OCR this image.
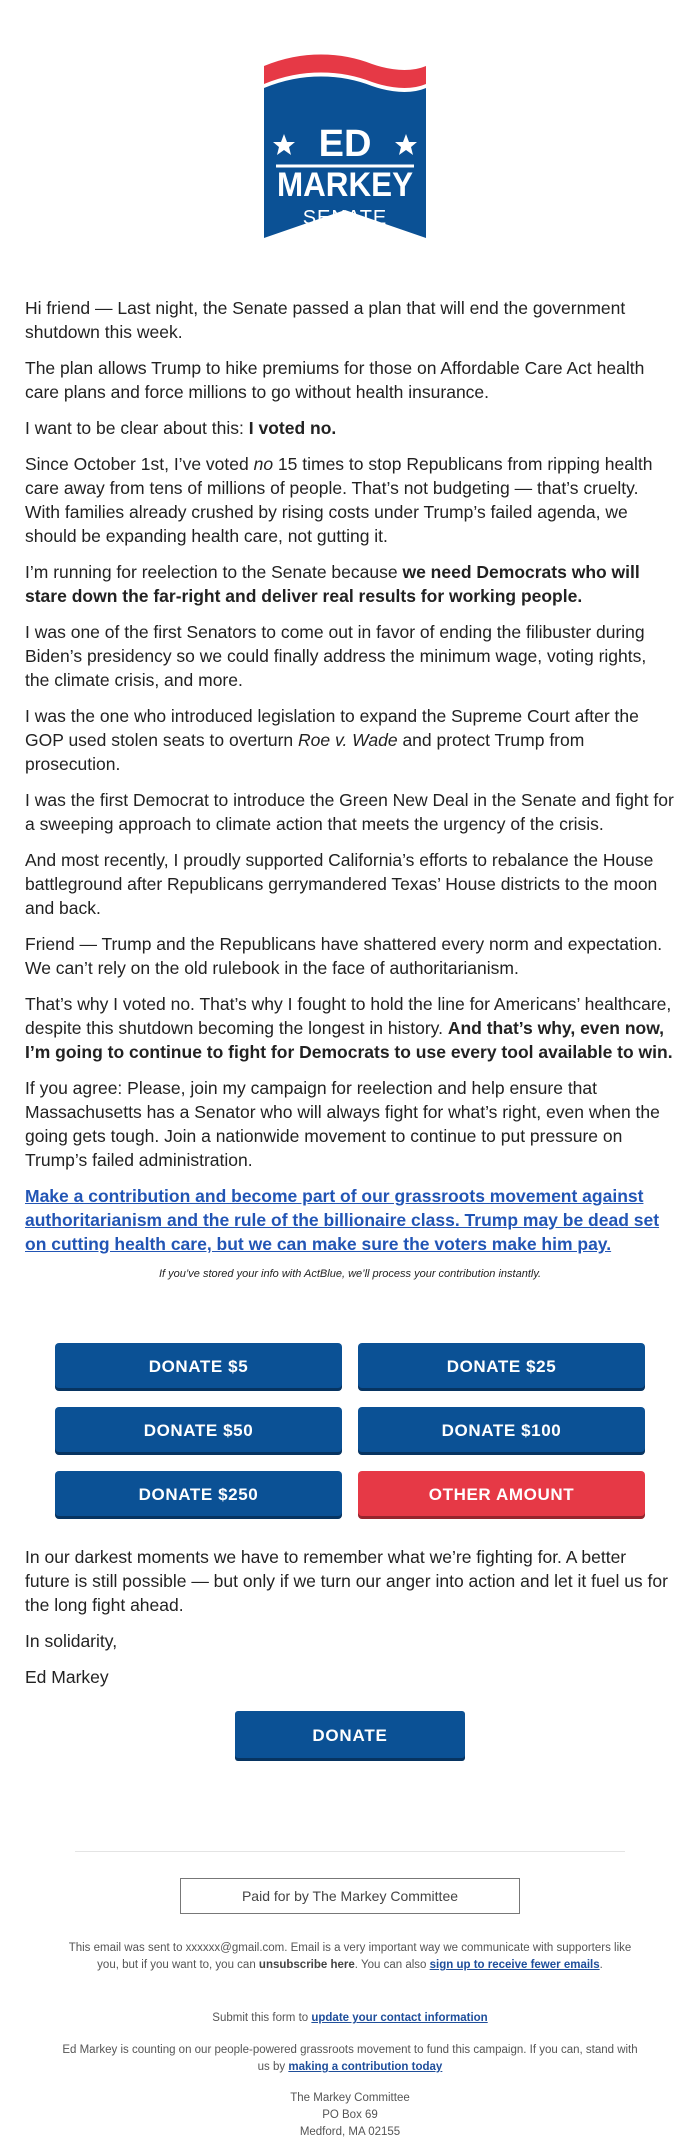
ED
MARKEY
SENATE

Hi friend — Last night, the Senate passed a plan that will end the government shutdown this week.

The plan allows Trump to hike premiums for those on Affordable Care Act health care plans and force millions to go without health insurance.

I want to be clear about this: I voted no.

Since October 1st, I’ve voted no 15 times to stop Republicans from ripping health care away from tens of millions of people. That’s not budgeting — that’s cruelty. With families already crushed by rising costs under Trump’s failed agenda, we should be expanding health care, not gutting it.

I’m running for reelection to the Senate because we need Democrats who will stare down the far-right and deliver real results for working people.

I was one of the first Senators to come out in favor of ending the filibuster during Biden’s presidency so we could finally address the minimum wage, voting rights, the climate crisis, and more.

I was the one who introduced legislation to expand the Supreme Court after the GOP used stolen seats to overturn Roe v. Wade and protect Trump from prosecution.

I was the first Democrat to introduce the Green New Deal in the Senate and fight for a sweeping approach to climate action that meets the urgency of the crisis.

And most recently, I proudly supported California’s efforts to rebalance the House battleground after Republicans gerrymandered Texas’ House districts to the moon and back.

Friend — Trump and the Republicans have shattered every norm and expectation. We can’t rely on the old rulebook in the face of authoritarianism.

That’s why I voted no. That’s why I fought to hold the line for Americans’ healthcare, despite this shutdown becoming the longest in history. And that’s why, even now, I’m going to continue to fight for Democrats to use every tool available to win.

If you agree: Please, join my campaign for reelection and help ensure that Massachusetts has a Senator who will always fight for what’s right, even when the going gets tough. Join a nationwide movement to continue to put pressure on Trump’s failed administration.

Make a contribution and become part of our grassroots movement against authoritarianism and the rule of the billionaire class. Trump may be dead set on cutting health care, but we can make sure the voters make him pay.
If you’ve stored your info with ActBlue, we’ll process your contribution instantly.
DONATE $5	DONATE $25
DONATE $50	DONATE $100
DONATE $250	OTHER AMOUNT

In our darkest moments we have to remember what we’re fighting for. A better future is still possible — but only if we turn our anger into action and let it fuel us for the long fight ahead.

In solidarity,

Ed Markey

DONATE
Paid for by The Markey Committee
This email was sent to xxxxxx@gmail.com. Email is a very important way we communicate with supporters like you, but if you want to, you can unsubscribe here. You can also sign up to receive fewer emails.
Submit this form to update your contact information
Ed Markey is counting on our people-powered grassroots movement to fund this campaign. If you can, stand with us by making a contribution today
The Markey Committee
PO Box 69
Medford, MA 02155
